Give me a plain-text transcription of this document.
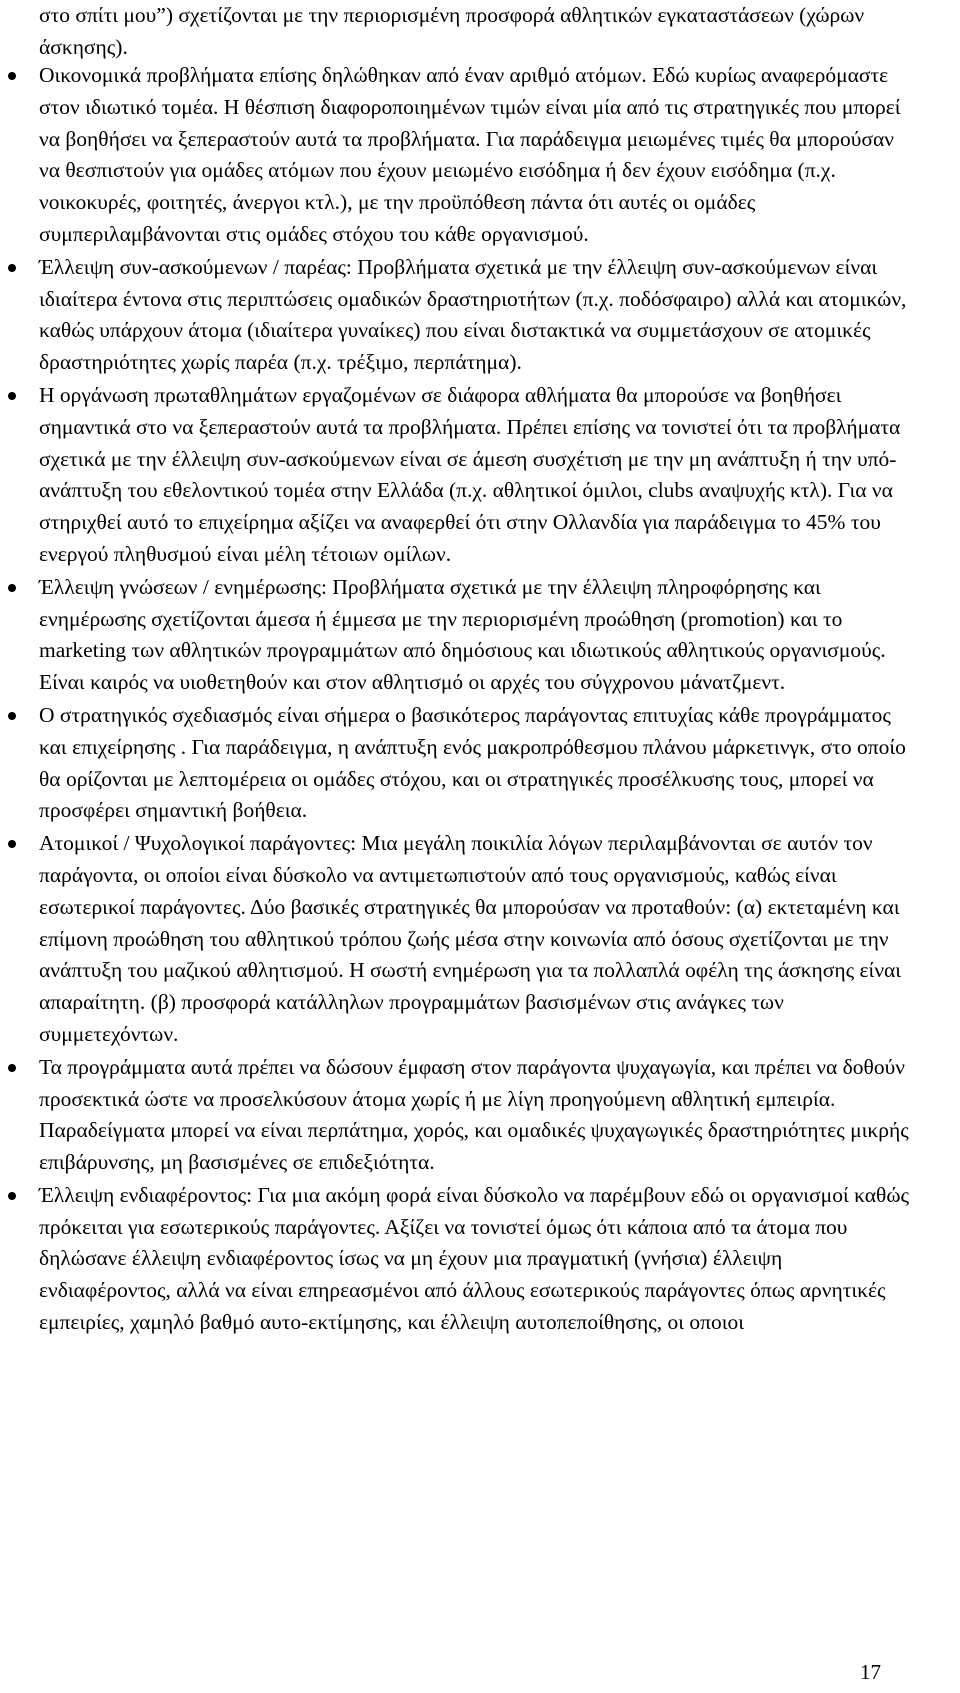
στο σπίτι μου”) σχετίζονται με την περιορισμένη προσφορά αθλητικών εγκαταστάσεων (χώρων άσκησης).

Οικονομικά προβλήματα επίσης δηλώθηκαν από έναν αριθμό ατόμων. Εδώ κυρίως αναφερόμαστε στον ιδιωτικό τομέα. Η θέσπιση διαφοροποιημένων τιμών είναι μία από τις στρατηγικές που μπορεί να βοηθήσει να ξεπεραστούν αυτά τα προβλήματα. Για παράδειγμα μειωμένες τιμές θα μπορούσαν να θεσπιστούν για ομάδες ατόμων που έχουν μειωμένο εισόδημα ή δεν έχουν εισόδημα (π.χ. νοικοκυρές, φοιτητές, άνεργοι κτλ.), με την προϋπόθεση πάντα ότι αυτές οι ομάδες συμπεριλαμβάνονται στις ομάδες στόχου του κάθε οργανισμού.
Έλλειψη συν-ασκούμενων / παρέας: Προβλήματα σχετικά με την έλλειψη συν-ασκούμενων είναι ιδιαίτερα έντονα στις περιπτώσεις ομαδικών δραστηριοτήτων (π.χ. ποδόσφαιρο) αλλά και ατομικών, καθώς υπάρχουν άτομα (ιδιαίτερα γυναίκες) που είναι διστακτικά να συμμετάσχουν σε ατομικές δραστηριότητες χωρίς παρέα (π.χ. τρέξιμο, περπάτημα).
Η οργάνωση πρωταθλημάτων εργαζομένων σε διάφορα αθλήματα θα μπορούσε να βοηθήσει σημαντικά στο να ξεπεραστούν αυτά τα προβλήματα. Πρέπει επίσης να τονιστεί ότι τα προβλήματα σχετικά με την έλλειψη συν-ασκούμενων είναι σε άμεση συσχέτιση με την μη ανάπτυξη ή την υπό-ανάπτυξη του εθελοντικού τομέα στην Ελλάδα (π.χ. αθλητικοί όμιλοι, clubs αναψυχής κτλ). Για να στηριχθεί αυτό το επιχείρημα αξίζει να αναφερθεί ότι στην Ολλανδία για παράδειγμα το 45% του ενεργού πληθυσμού είναι μέλη τέτοιων ομίλων.
Έλλειψη γνώσεων / ενημέρωσης: Προβλήματα σχετικά με την έλλειψη πληροφόρησης και ενημέρωσης σχετίζονται άμεσα ή έμμεσα με την περιορισμένη προώθηση (promotion) και το marketing των αθλητικών προγραμμάτων από δημόσιους και ιδιωτικούς αθλητικούς οργανισμούς. Είναι καιρός να υιοθετηθούν και στον αθλητισμό οι αρχές του σύγχρονου μάνατζμεντ.
Ο στρατηγικός σχεδιασμός είναι σήμερα ο βασικότερος παράγοντας επιτυχίας κάθε προγράμματος και επιχείρησης . Για παράδειγμα, η ανάπτυξη ενός μακροπρόθεσμου πλάνου μάρκετινγκ, στο οποίο θα ορίζονται με λεπτομέρεια οι ομάδες στόχου, και οι στρατηγικές προσέλκυσης τους, μπορεί να προσφέρει σημαντική βοήθεια.
Ατομικοί / Ψυχολογικοί παράγοντες: Μια μεγάλη ποικιλία λόγων περιλαμβάνονται σε αυτόν τον παράγοντα, οι οποίοι είναι δύσκολο να αντιμετωπιστούν από τους οργανισμούς, καθώς είναι εσωτερικοί παράγοντες. Δύο βασικές στρατηγικές θα μπορούσαν να προταθούν: (α) εκτεταμένη και επίμονη προώθηση του αθλητικού τρόπου ζωής μέσα στην κοινωνία από όσους σχετίζονται με την ανάπτυξη του μαζικού αθλητισμού. Η σωστή ενημέρωση για τα πολλαπλά οφέλη της άσκησης είναι απαραίτητη. (β) προσφορά κατάλληλων προγραμμάτων βασισμένων στις ανάγκες των συμμετεχόντων.
Τα προγράμματα αυτά πρέπει να δώσουν έμφαση στον παράγοντα ψυχαγωγία, και πρέπει να δοθούν προσεκτικά ώστε να προσελκύσουν άτομα χωρίς ή με λίγη προηγούμενη αθλητική εμπειρία. Παραδείγματα μπορεί να είναι περπάτημα, χορός, και ομαδικές ψυχαγωγικές δραστηριότητες μικρής επιβάρυνσης, μη βασισμένες σε επιδεξιότητα.
Έλλειψη ενδιαφέροντος: Για μια ακόμη φορά είναι δύσκολο να παρέμβουν εδώ οι οργανισμοί καθώς πρόκειται για εσωτερικούς παράγοντες. Αξίζει να τονιστεί όμως ότι κάποια από τα άτομα που δηλώσανε έλλειψη ενδιαφέροντος ίσως να μη έχουν μια πραγματική (γνήσια) έλλειψη ενδιαφέροντος, αλλά να είναι επηρεασμένοι από άλλους εσωτερικούς παράγοντες όπως αρνητικές εμπειρίες, χαμηλό βαθμό αυτο-εκτίμησης, και έλλειψη αυτοπεποίθησης, οι οποιοι
17
